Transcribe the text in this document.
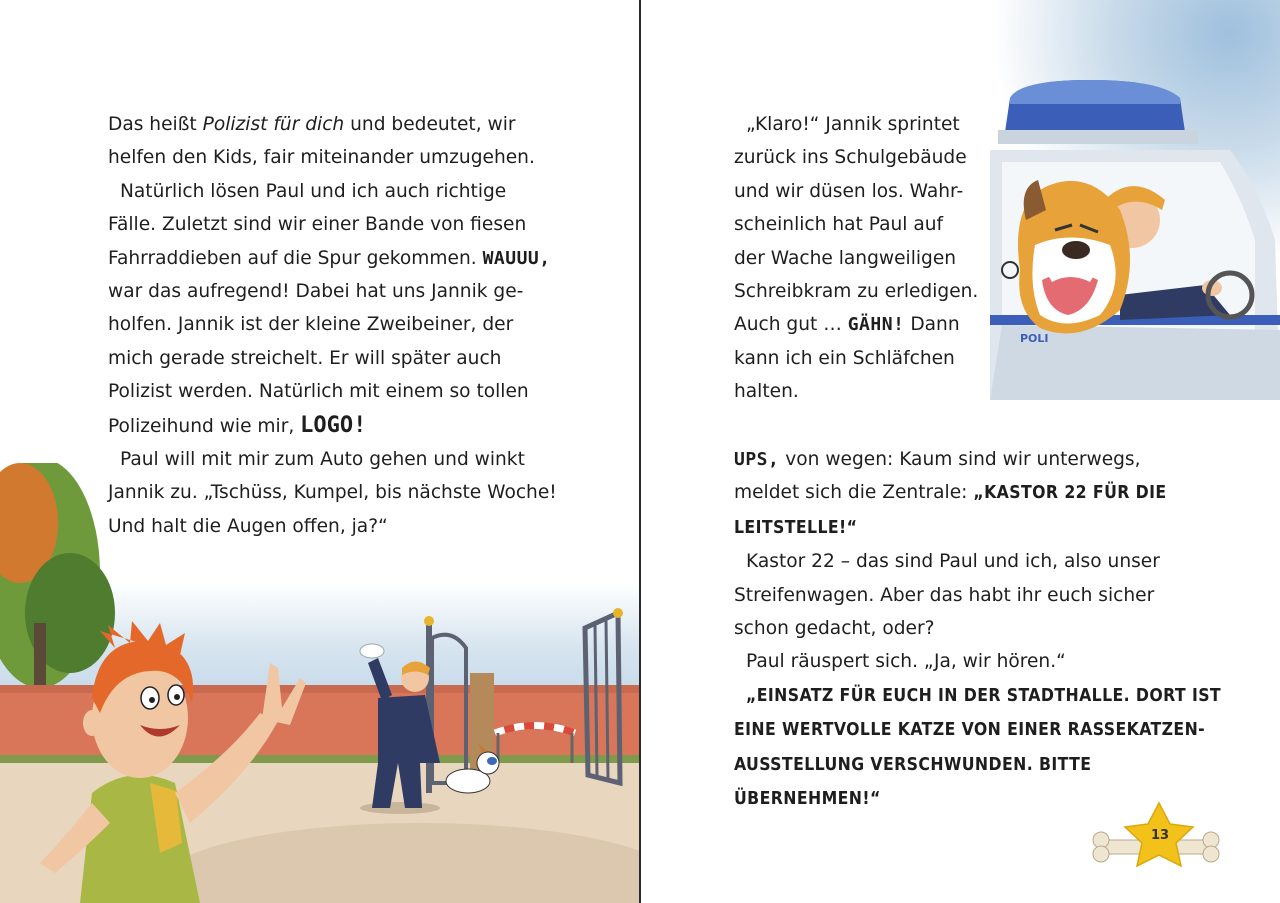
Das heißt Polizist für dich und bedeutet, wir

helfen den Kids, fair miteinander umzugehen.

Natürlich lösen Paul und ich auch richtige

Fälle. Zuletzt sind wir einer Bande von fiesen

Fahrraddieben auf die Spur gekommen. WAUUU,

war das aufregend! Dabei hat uns Jannik ge-

holfen. Jannik ist der kleine Zweibeiner, der

mich gerade streichelt. Er will später auch

Polizist werden. Natürlich mit einem so tollen

Polizeihund wie mir, LOGO!

Paul will mit mir zum Auto gehen und winkt

Jannik zu. „Tschüss, Kumpel, bis nächste Woche!

Und halt die Augen offen, ja?“

POLI

„Klaro!“ Jannik sprintet

zurück ins Schulgebäude

und wir düsen los. Wahr-

scheinlich hat Paul auf

der Wache langweiligen

Schreibkram zu erledigen.

Auch gut … GÄHN! Dann

kann ich ein Schläfchen

halten.

UPS, von wegen: Kaum sind wir unterwegs,

meldet sich die Zentrale: „KASTOR 22 FÜR DIE

LEITSTELLE!“

Kastor 22 – das sind Paul und ich, also unser

Streifenwagen. Aber das habt ihr euch sicher

schon gedacht, oder?

Paul räuspert sich. „Ja, wir hören.“

„EINSATZ FÜR EUCH IN DER STADTHALLE. DORT IST

EINE WERTVOLLE KATZE VON EINER RASSEKATZEN-

AUSSTELLUNG VERSCHWUNDEN. BITTE ÜBERNEHMEN!“

13
